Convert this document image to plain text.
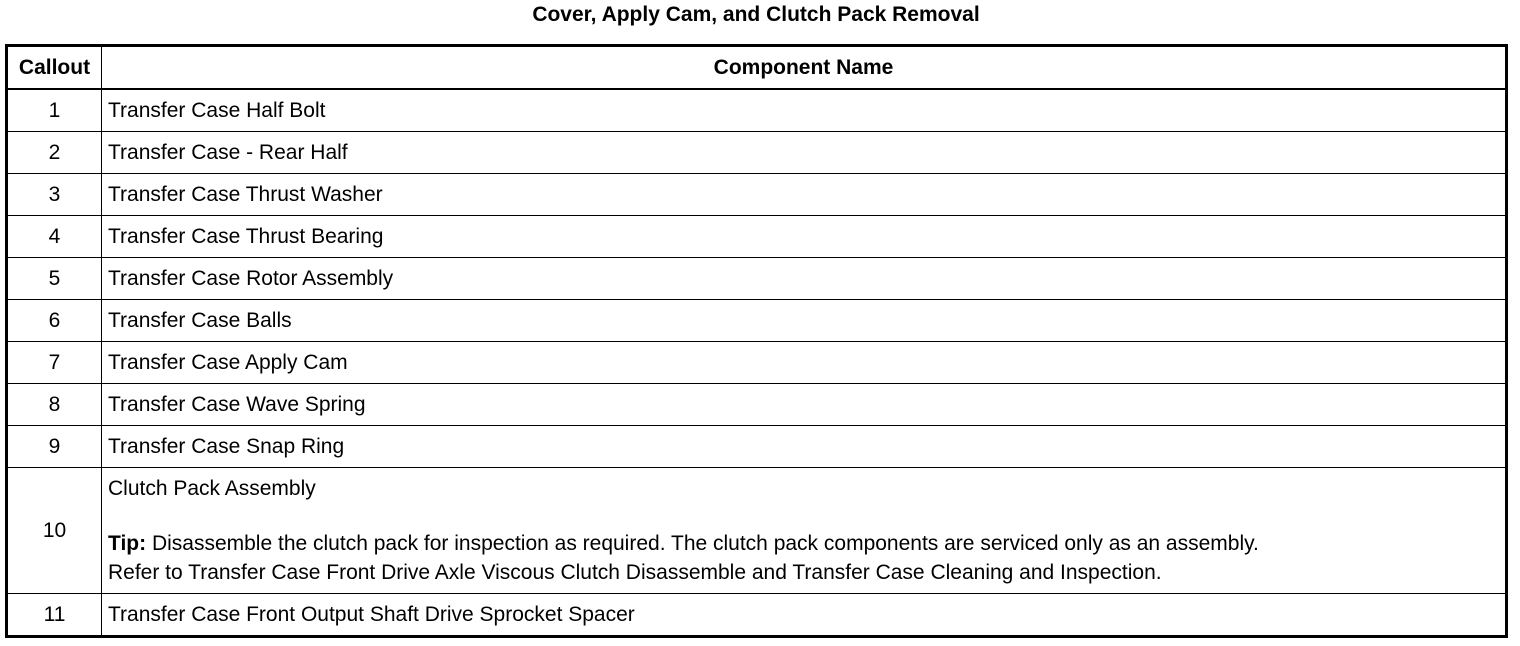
Cover, Apply Cam, and Clutch Pack Removal
Callout	Component Name
1	Transfer Case Half Bolt
2	Transfer Case - Rear Half
3	Transfer Case Thrust Washer
4	Transfer Case Thrust Bearing
5	Transfer Case Rotor Assembly
6	Transfer Case Balls
7	Transfer Case Apply Cam
8	Transfer Case Wave Spring
9	Transfer Case Snap Ring
10	Clutch Pack Assembly
Tip: Disassemble the clutch pack for inspection as required. The clutch pack components are serviced only as an assembly.
Refer to Transfer Case Front Drive Axle Viscous Clutch Disassemble and Transfer Case Cleaning and Inspection.

11	Transfer Case Front Output Shaft Drive Sprocket Spacer
